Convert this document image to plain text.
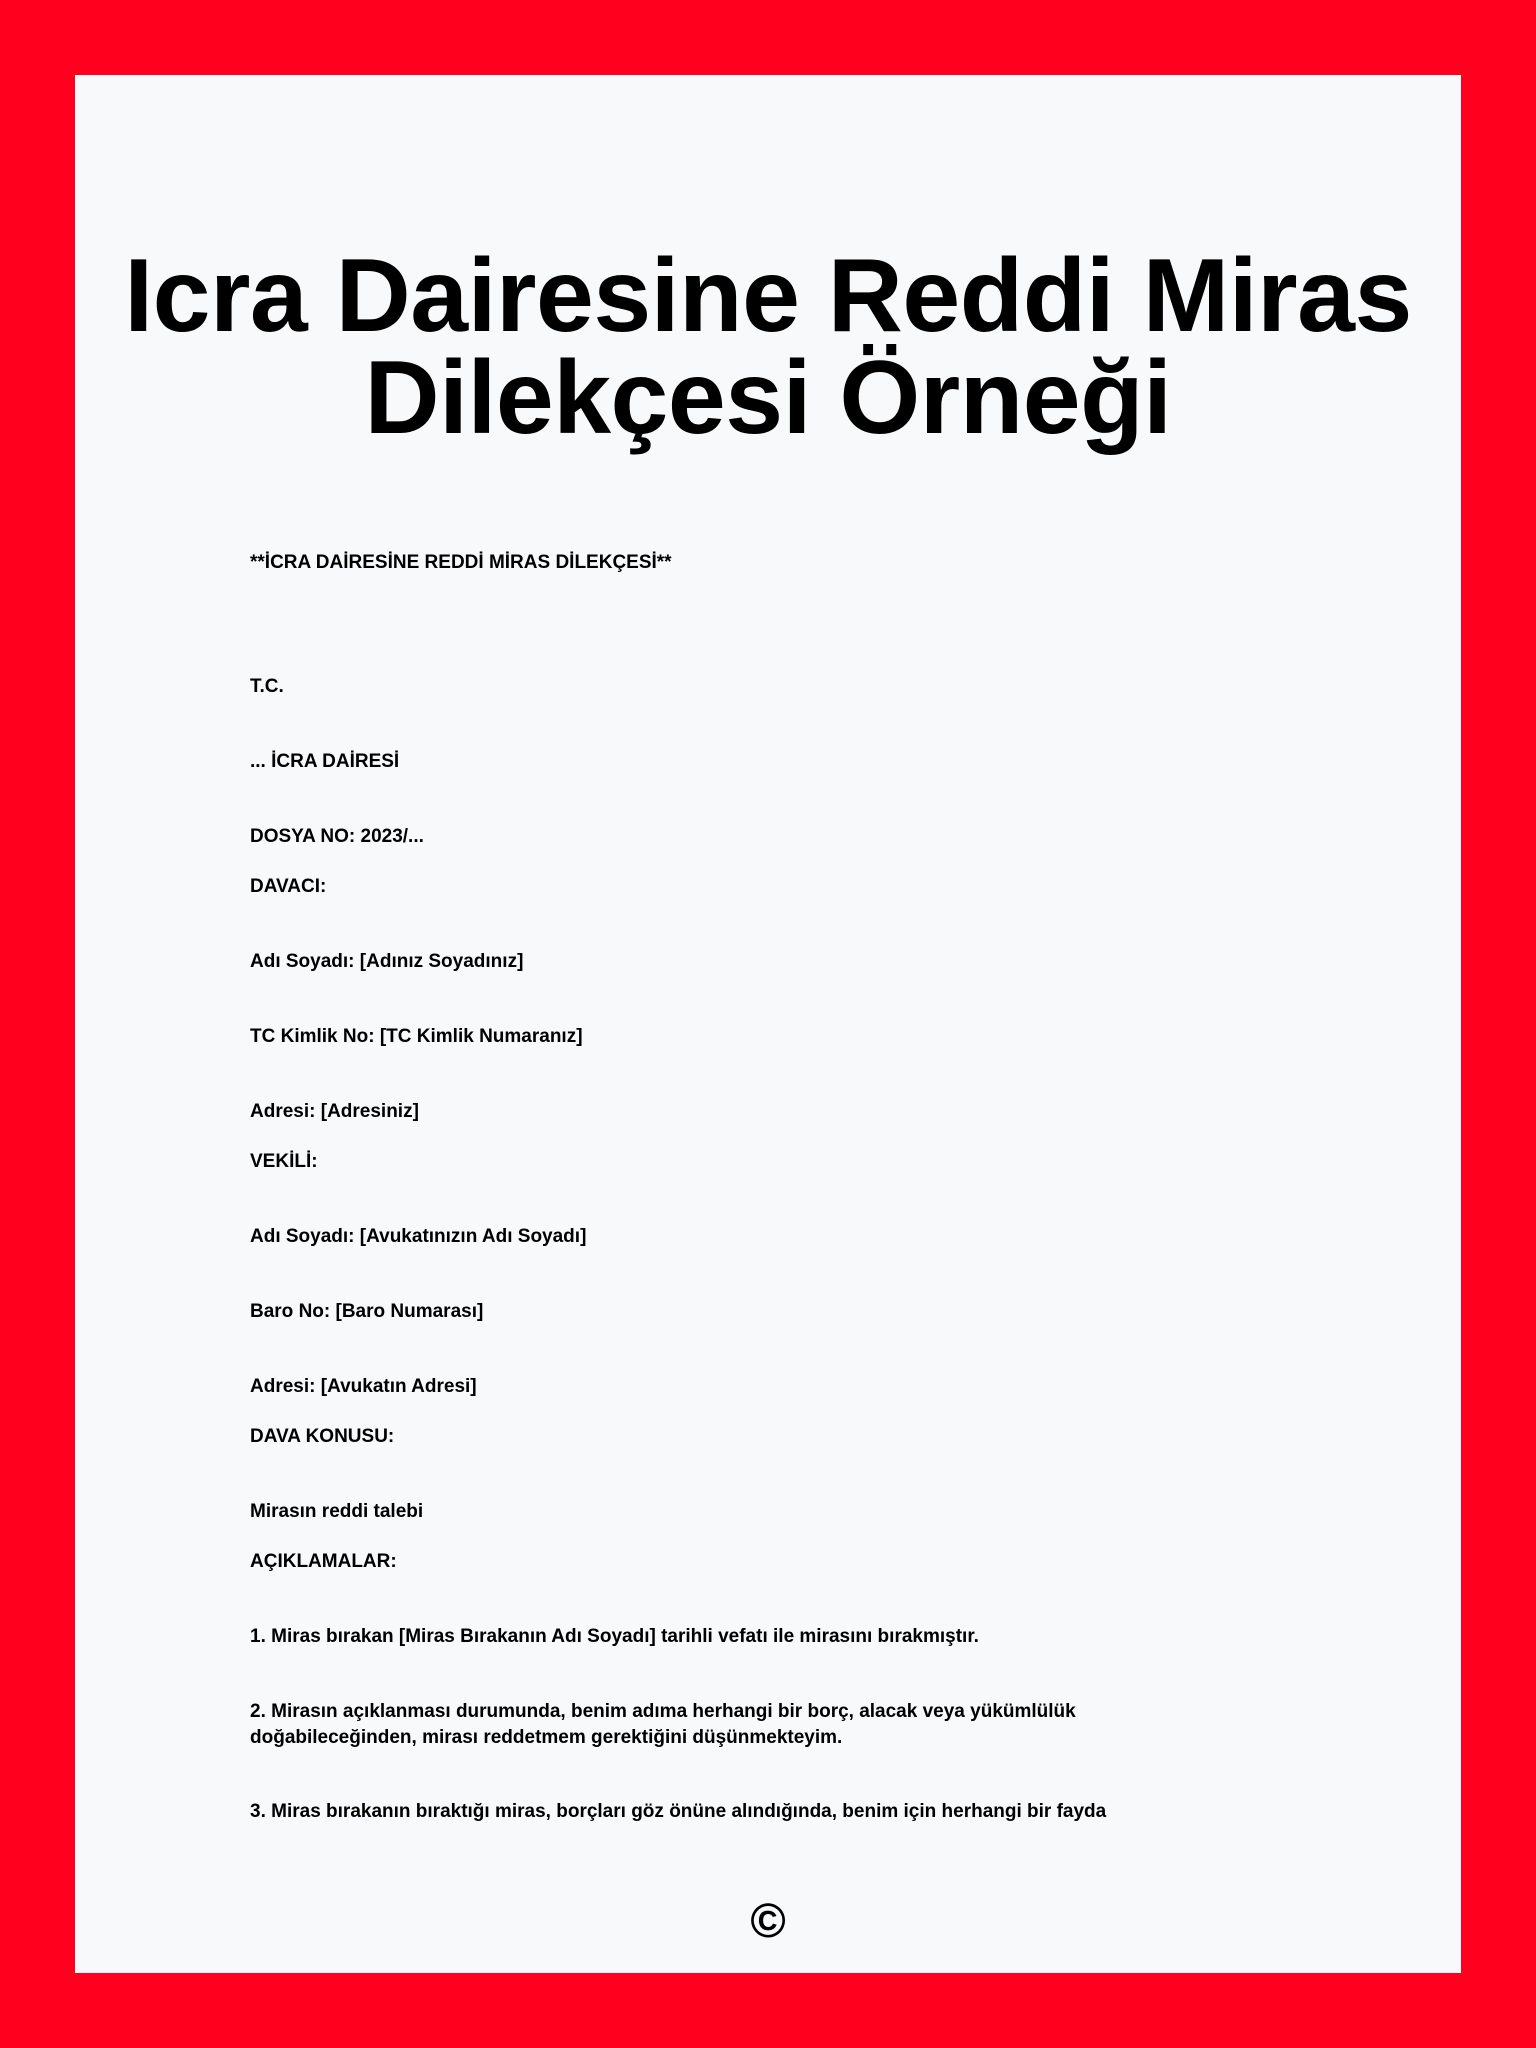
Icra Dairesine Reddi Miras
Dilekçesi Örneği
**İCRA DAİRESİNE REDDİ MİRAS DİLEKÇESİ**
T.C.
... İCRA DAİRESİ
DOSYA NO: 2023/...
DAVACI:
Adı Soyadı: [Adınız Soyadınız]
TC Kimlik No: [TC Kimlik Numaranız]
Adresi: [Adresiniz]
VEKİLİ:
Adı Soyadı: [Avukatınızın Adı Soyadı]
Baro No: [Baro Numarası]
Adresi: [Avukatın Adresi]
DAVA KONUSU:
Mirasın reddi talebi
AÇIKLAMALAR:
1. Miras bırakan [Miras Bırakanın Adı Soyadı] tarihli vefatı ile mirasını bırakmıştır.
2. Mirasın açıklanması durumunda, benim adıma herhangi bir borç, alacak veya yükümlülük doğabileceğinden, mirası reddetmem gerektiğini düşünmekteyim.
3. Miras bırakanın bıraktığı miras, borçları göz önüne alındığında, benim için herhangi bir fayda
©
